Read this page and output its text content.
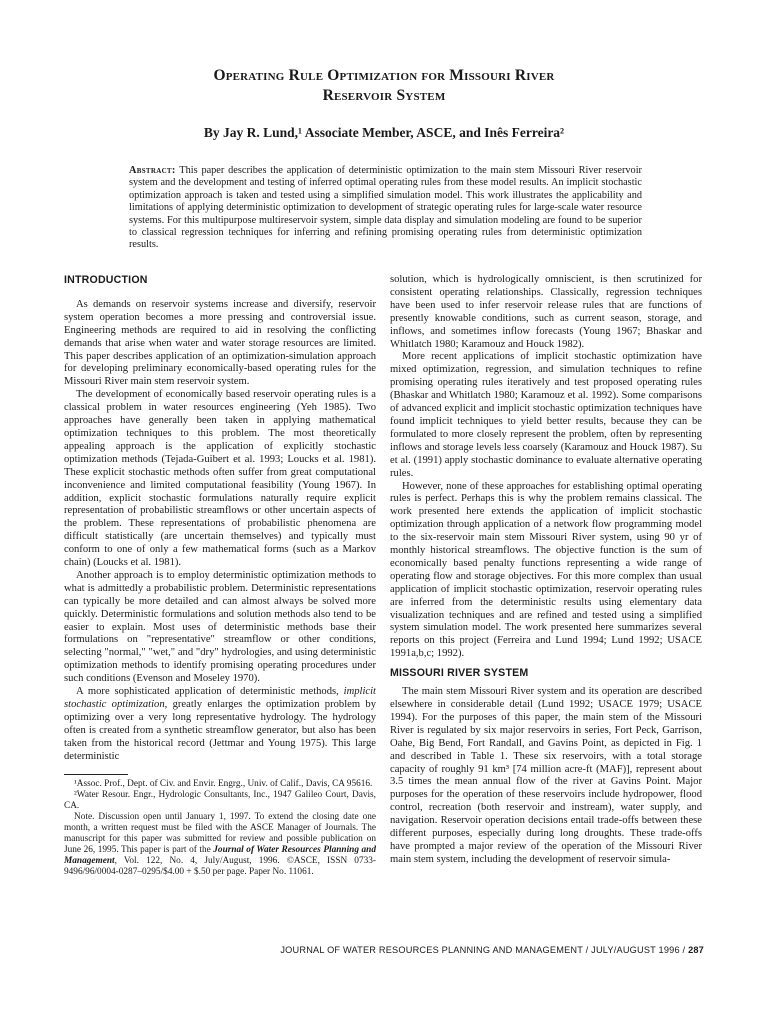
Operating Rule Optimization for Missouri River
Reservoir System
By Jay R. Lund,¹ Associate Member, ASCE, and Inês Ferreira²
Abstract: This paper describes the application of deterministic optimization to the main stem Missouri River reservoir system and the development and testing of inferred optimal operating rules from these model results. An implicit stochastic optimization approach is taken and tested using a simplified simulation model. This work illustrates the applicability and limitations of applying deterministic optimization to development of strategic operating rules for large-scale water resource systems. For this multipurpose multireservoir system, simple data display and simulation modeling are found to be superior to classical regression techniques for inferring and refining promising operating rules from deterministic optimization results.
INTRODUCTION

As demands on reservoir systems increase and diversify, reservoir system operation becomes a more pressing and controversial issue. Engineering methods are required to aid in resolving the conflicting demands that arise when water and water storage resources are limited. This paper describes application of an optimization-simulation approach for developing preliminary economically-based operating rules for the Missouri River main stem reservoir system.

The development of economically based reservoir operating rules is a classical problem in water resources engineering (Yeh 1985). Two approaches have generally been taken in applying mathematical optimization techniques to this problem. The most theoretically appealing approach is the application of explicitly stochastic optimization methods (Tejada-Guibert et al. 1993; Loucks et al. 1981). These explicit stochastic methods often suffer from great computational inconvenience and limited computational feasibility (Young 1967). In addition, explicit stochastic formulations naturally require explicit representation of probabilistic streamflows or other uncertain aspects of the problem. These representations of probabilistic phenomena are difficult statistically (are uncertain themselves) and typically must conform to one of only a few mathematical forms (such as a Markov chain) (Loucks et al. 1981).

Another approach is to employ deterministic optimization methods to what is admittedly a probabilistic problem. Deterministic representations can typically be more detailed and can almost always be solved more quickly. Deterministic formulations and solution methods also tend to be easier to explain. Most uses of deterministic methods base their formulations on "representative" streamflow or other conditions, selecting "normal," "wet," and "dry" hydrologies, and using deterministic optimization methods to identify promising operating procedures under such conditions (Evenson and Moseley 1970).

A more sophisticated application of deterministic methods, implicit stochastic optimization, greatly enlarges the optimization problem by optimizing over a very long representative hydrology. The hydrology often is created from a synthetic streamflow generator, but also has been taken from the historical record (Jettmar and Young 1975). This large deterministic

¹Assoc. Prof., Dept. of Civ. and Envir. Engrg., Univ. of Calif., Davis, CA 95616.

²Water Resour. Engr., Hydrologic Consultants, Inc., 1947 Galileo Court, Davis, CA.

Note. Discussion open until January 1, 1997. To extend the closing date one month, a written request must be filed with the ASCE Manager of Journals. The manuscript for this paper was submitted for review and possible publication on June 26, 1995. This paper is part of the Journal of Water Resources Planning and Management, Vol. 122, No. 4, July/August, 1996. ©ASCE, ISSN 0733-9496/96/0004-0287–0295/$4.00 + $.50 per page. Paper No. 11061.

solution, which is hydrologically omniscient, is then scrutinized for consistent operating relationships. Classically, regression techniques have been used to infer reservoir release rules that are functions of presently knowable conditions, such as current season, storage, and inflows, and sometimes inflow forecasts (Young 1967; Bhaskar and Whitlatch 1980; Karamouz and Houck 1982).

More recent applications of implicit stochastic optimization have mixed optimization, regression, and simulation techniques to refine promising operating rules iteratively and test proposed operating rules (Bhaskar and Whitlatch 1980; Karamouz et al. 1992). Some comparisons of advanced explicit and implicit stochastic optimization techniques have found implicit techniques to yield better results, because they can be formulated to more closely represent the problem, often by representing inflows and storage levels less coarsely (Karamouz and Houck 1987). Su et al. (1991) apply stochastic dominance to evaluate alternative operating rules.

However, none of these approaches for establishing optimal operating rules is perfect. Perhaps this is why the problem remains classical. The work presented here extends the application of implicit stochastic optimization through application of a network flow programming model to the six-reservoir main stem Missouri River system, using 90 yr of monthly historical streamflows. The objective function is the sum of economically based penalty functions representing a wide range of operating flow and storage objectives. For this more complex than usual application of implicit stochastic optimization, reservoir operating rules are inferred from the deterministic results using elementary data visualization techniques and are refined and tested using a simplified system simulation model. The work presented here summarizes several reports on this project (Ferreira and Lund 1994; Lund 1992; USACE 1991a,b,c; 1992).

MISSOURI RIVER SYSTEM

The main stem Missouri River system and its operation are described elsewhere in considerable detail (Lund 1992; USACE 1979; USACE 1994). For the purposes of this paper, the main stem of the Missouri River is regulated by six major reservoirs in series, Fort Peck, Garrison, Oahe, Big Bend, Fort Randall, and Gavins Point, as depicted in Fig. 1 and described in Table 1. These six reservoirs, with a total storage capacity of roughly 91 km³ [74 million acre-ft (MAF)], represent about 3.5 times the mean annual flow of the river at Gavins Point. Major purposes for the operation of these reservoirs include hydropower, flood control, recreation (both reservoir and instream), water supply, and navigation. Reservoir operation decisions entail trade-offs between these different purposes, especially during long droughts. These trade-offs have prompted a major review of the operation of the Missouri River main stem system, including the development of reservoir simula-

JOURNAL OF WATER RESOURCES PLANNING AND MANAGEMENT / JULY/AUGUST 1996 / 287
